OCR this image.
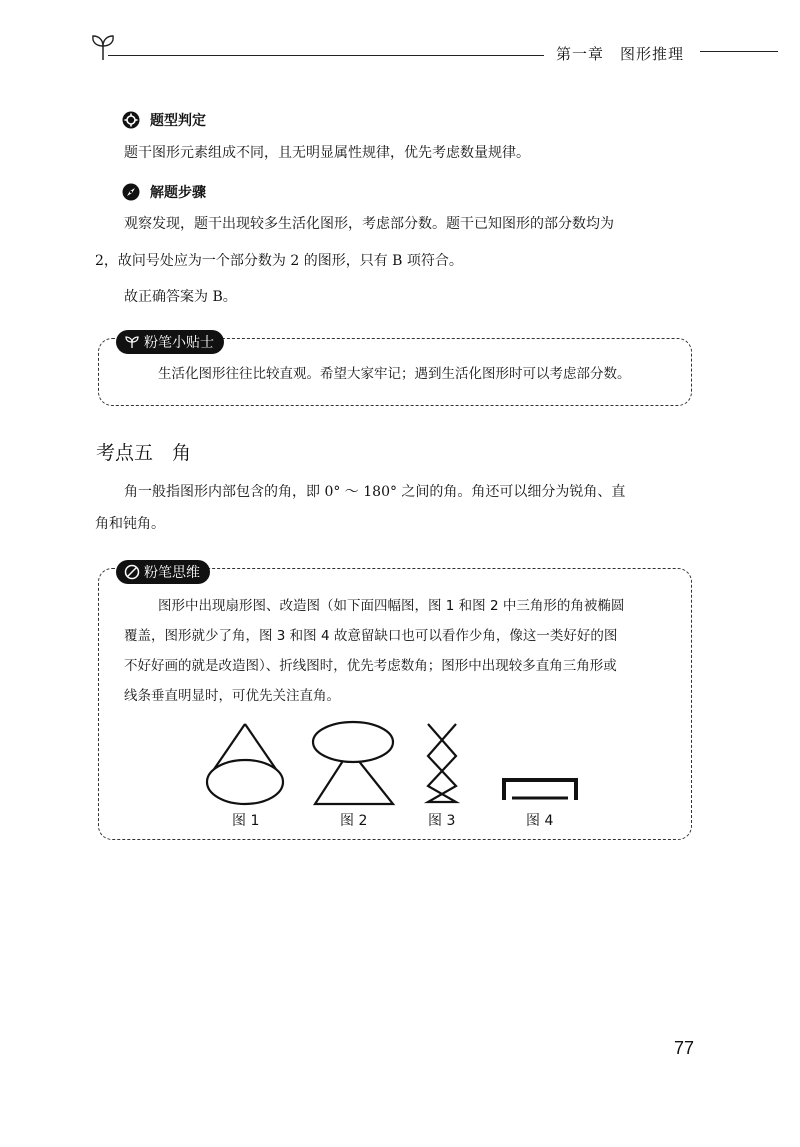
第一章　图形推理
题型判定
题干图形元素组成不同，且无明显属性规律，优先考虑数量规律。
解题步骤
观察发现，题干出现较多生活化图形，考虑部分数。题干已知图形的部分数均为
2，故问号处应为一个部分数为 2 的图形，只有 B 项符合。
故正确答案为 B。
粉笔小贴士
生活化图形往往比较直观。希望大家牢记；遇到生活化图形时可以考虑部分数。
考点五　角
角一般指图形内部包含的角，即 0° ～ 180° 之间的角。角还可以细分为锐角、直
角和钝角。
粉笔思维
图形中出现扇形图、改造图（如下面四幅图，图 1 和图 2 中三角形的角被椭圆
覆盖，图形就少了角，图 3 和图 4 故意留缺口也可以看作少角，像这一类好好的图
不好好画的就是改造图）、折线图时，优先考虑数角；图形中出现较多直角三角形或
线条垂直明显时，可优先关注直角。
图 1	图 2	图 3	图 4
77
